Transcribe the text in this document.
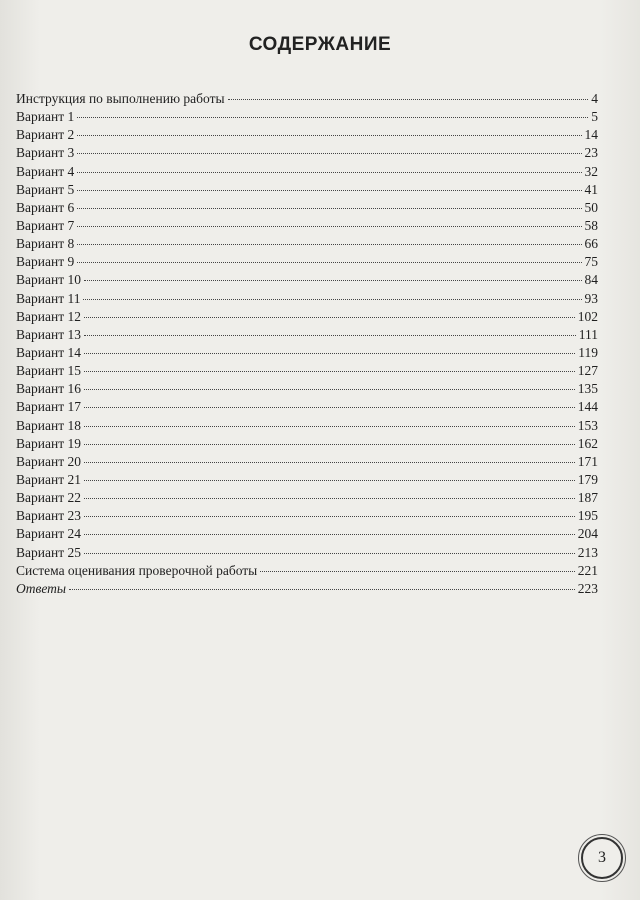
СОДЕРЖАНИЕ
Инструкция по выполнению работы	4
Вариант 1	5
Вариант 2	14
Вариант 3	23
Вариант 4	32
Вариант 5	41
Вариант 6	50
Вариант 7	58
Вариант 8	66
Вариант 9	75
Вариант 10	84
Вариант 11	93
Вариант 12	102
Вариант 13	111
Вариант 14	119
Вариант 15	127
Вариант 16	135
Вариант 17	144
Вариант 18	153
Вариант 19	162
Вариант 20	171
Вариант 21	179
Вариант 22	187
Вариант 23	195
Вариант 24	204
Вариант 25	213
Система оценивания проверочной работы	221
Ответы	223
3
